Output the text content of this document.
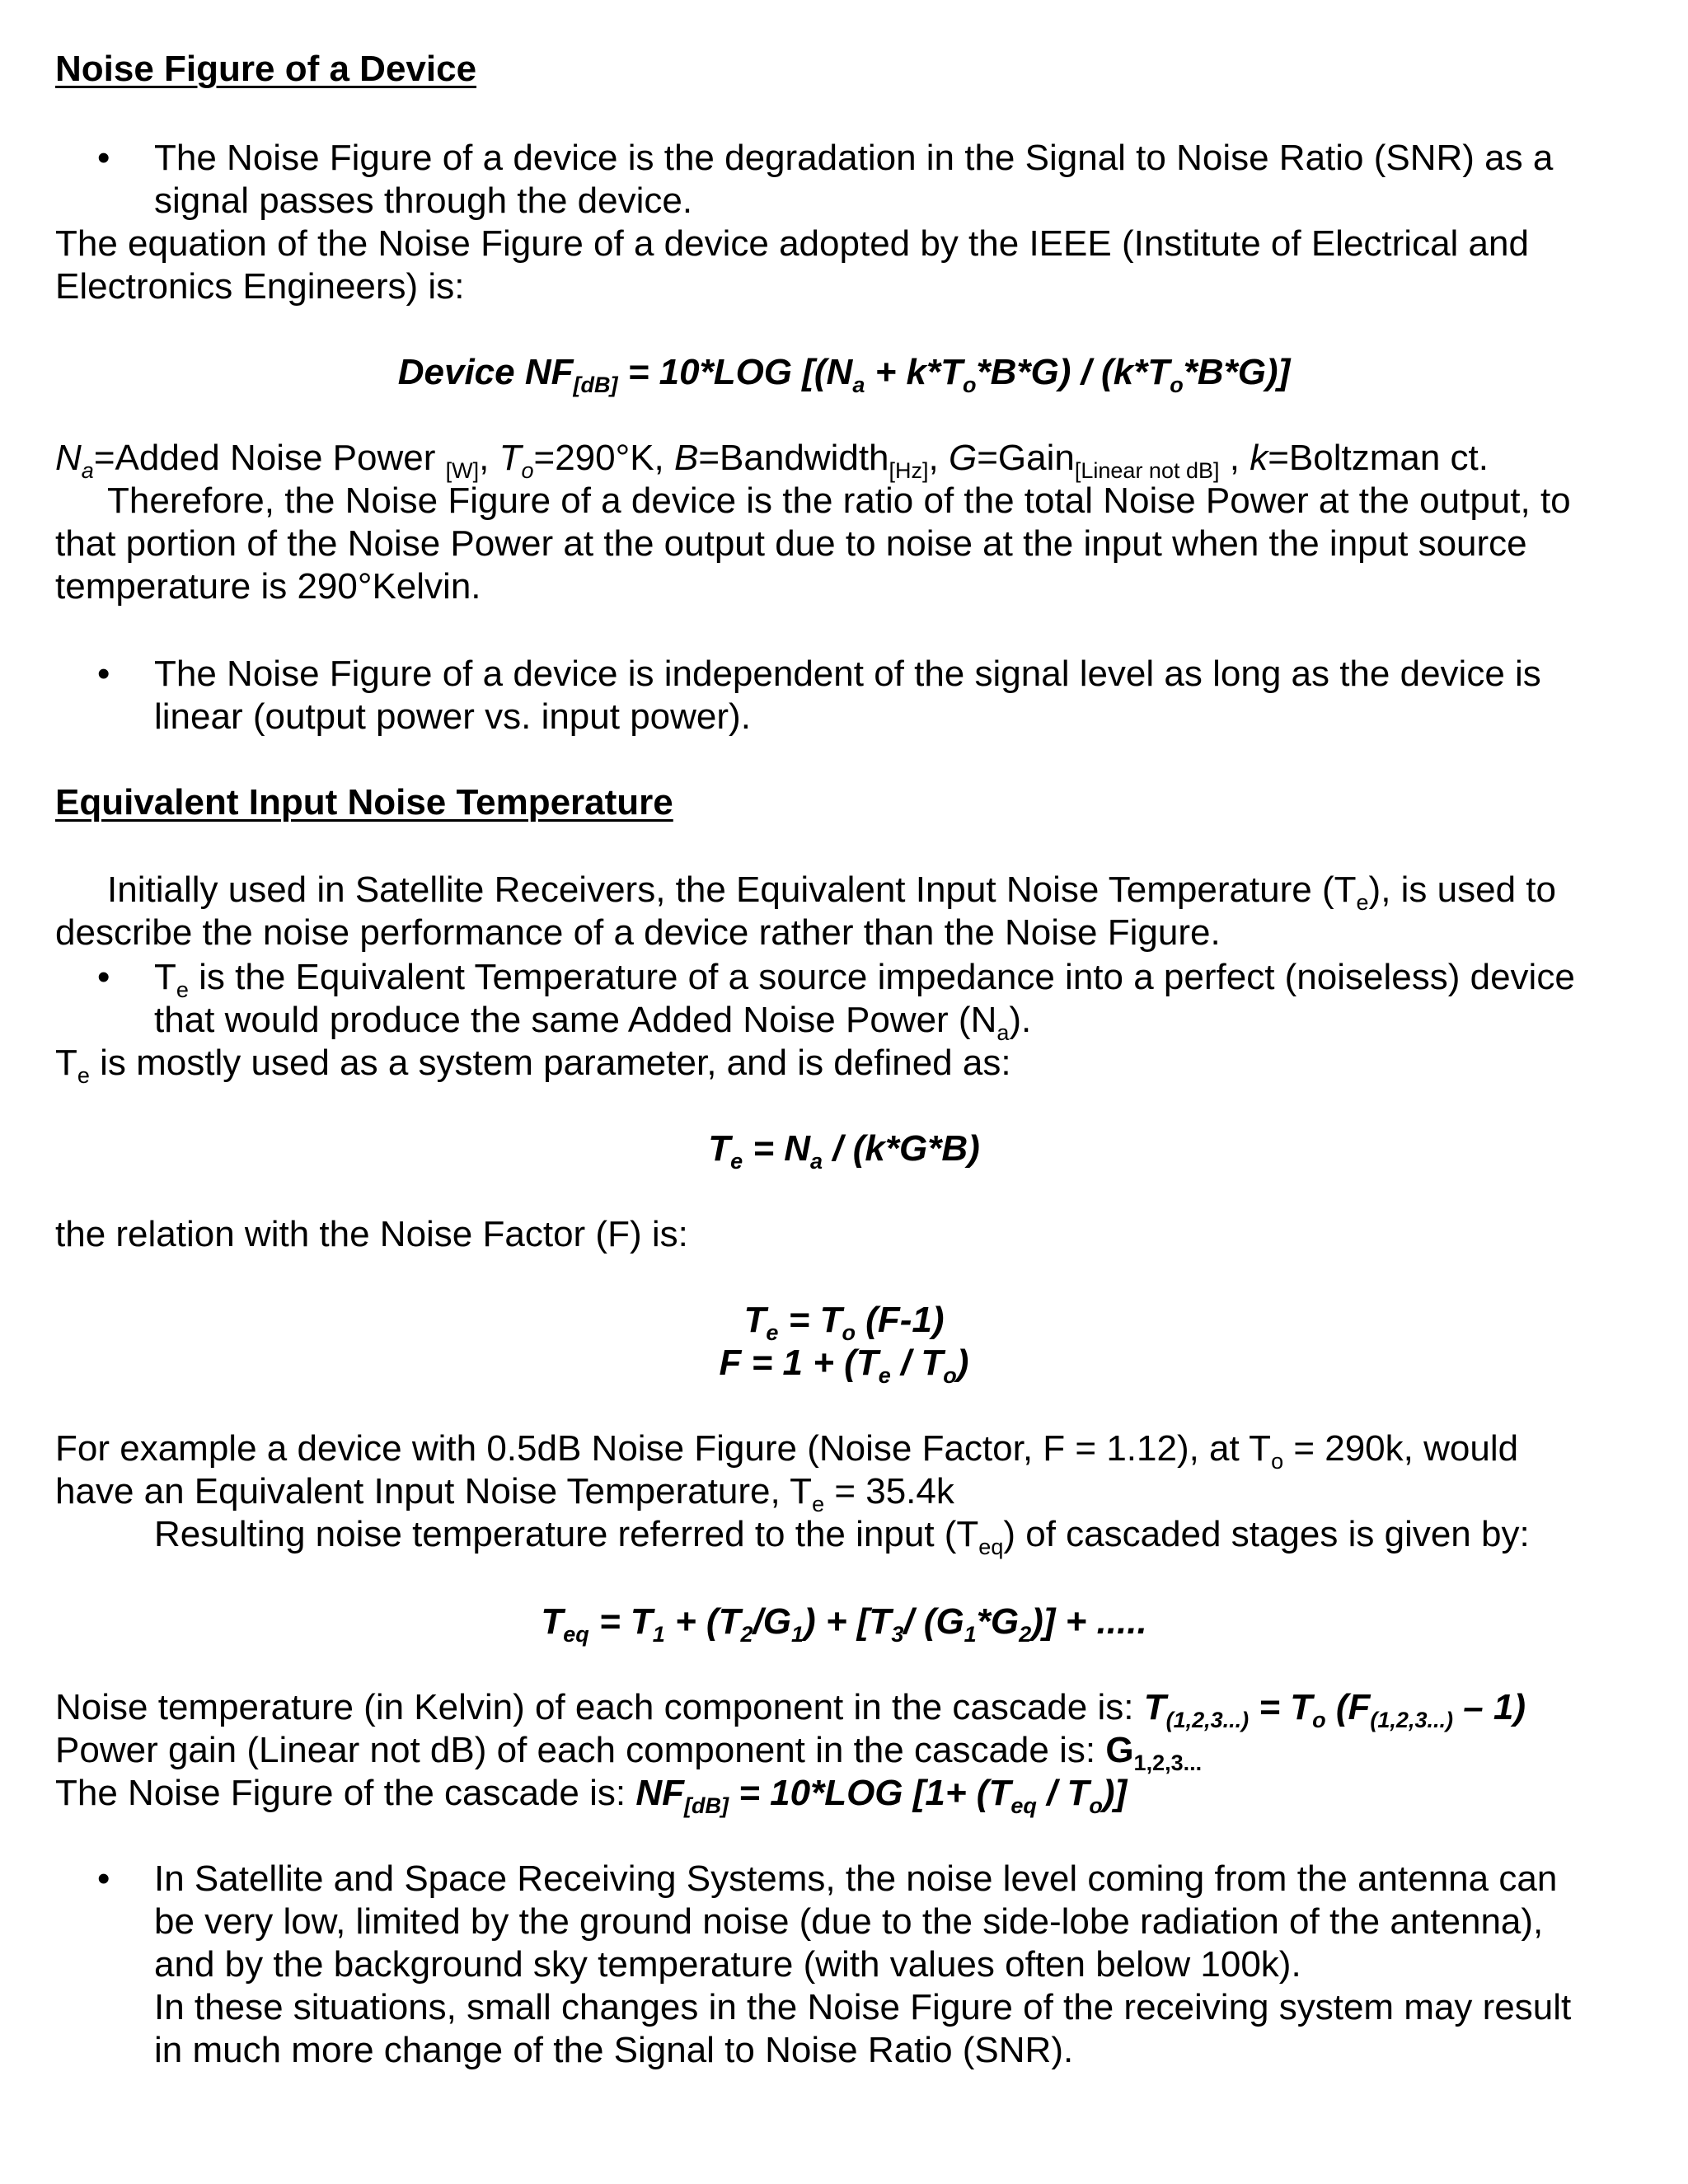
Noise Figure of a Device
• The Noise Figure of a device is the degradation in the Signal to Noise Ratio (SNR) as a
signal passes through the device.
The equation of the Noise Figure of a device adopted by the IEEE (Institute of Electrical and
Electronics Engineers) is:
Device $NF_{[dB]} = 10*LOG$ $[(N_a + k*T_o*B*G) / (k*T_o*B*G)]$
$N_a=Added$ Noise Power $_{[W]}$, $T_o=290^\circ K$, B=Bandwidth$_{[Hz]}$, G=Gain$_{[Linear not dB]}$ , k=Boltzman ct.
Therefore, the Noise Figure of a device is the ratio of the total Noise Power at the output, to
that portion of the Noise Power at the output due to noise at the input when the input source
temperature is 290°Kelvin.
• The Noise Figure of a device is independent of the signal level as long as the device is
linear (output power vs. input power).
Equivalent Input Noise Temperature
Initially used in Satellite Receivers, the Equivalent Input Noise Temperature $(T_e)$, is used to
describe the noise performance of a device rather than the Noise Figure.
• $T_e$ is the Equivalent Temperature of a source impedance into a perfect (noiseless) device
that would produce the same Added Noise Power $(N_a)$.
$T_e$ is mostly used as a system parameter, and is defined as:
$T_e = N_a / (k*G*B)$
the relation with the Noise Factor (F) is:
$T_e = T_o$ (F-1)
$F = 1 + (T_e / T_o)$
For example a device with 0.5dB Noise Figure (Noise Factor, F = 1.12), at $T_o = 290k$, would
have an Equivalent Input Noise Temperature, $T_e = 35.4k$
Resulting noise temperature referred to the input $(T_{eq})$ of cascaded stages is given by:
$T_{eq} = T_1 + (T_2/G_1) + [T_3/$ $(G_1*G_2)$] + .....
Noise temperature (in Kelvin) of each component in the cascade is: $T_{(1,2,3...)} = T_o$ $(F_{(1,2,3...)} - 1)$
Power gain (Linear not dB) of each component in the cascade is: $G_{1,2,3...}$
The Noise Figure of the cascade is: $NF_{[dB]} = 10*LOG$ $[1+ (T_{eq} / T_o)]$
• In Satellite and Space Receiving Systems, the noise level coming from the antenna can
be very low, limited by the ground noise (due to the side-lobe radiation of the antenna),
and by the background sky temperature (with values often below 100k).
In these situations, small changes in the Noise Figure of the receiving system may result
in much more change of the Signal to Noise Ratio (SNR).
